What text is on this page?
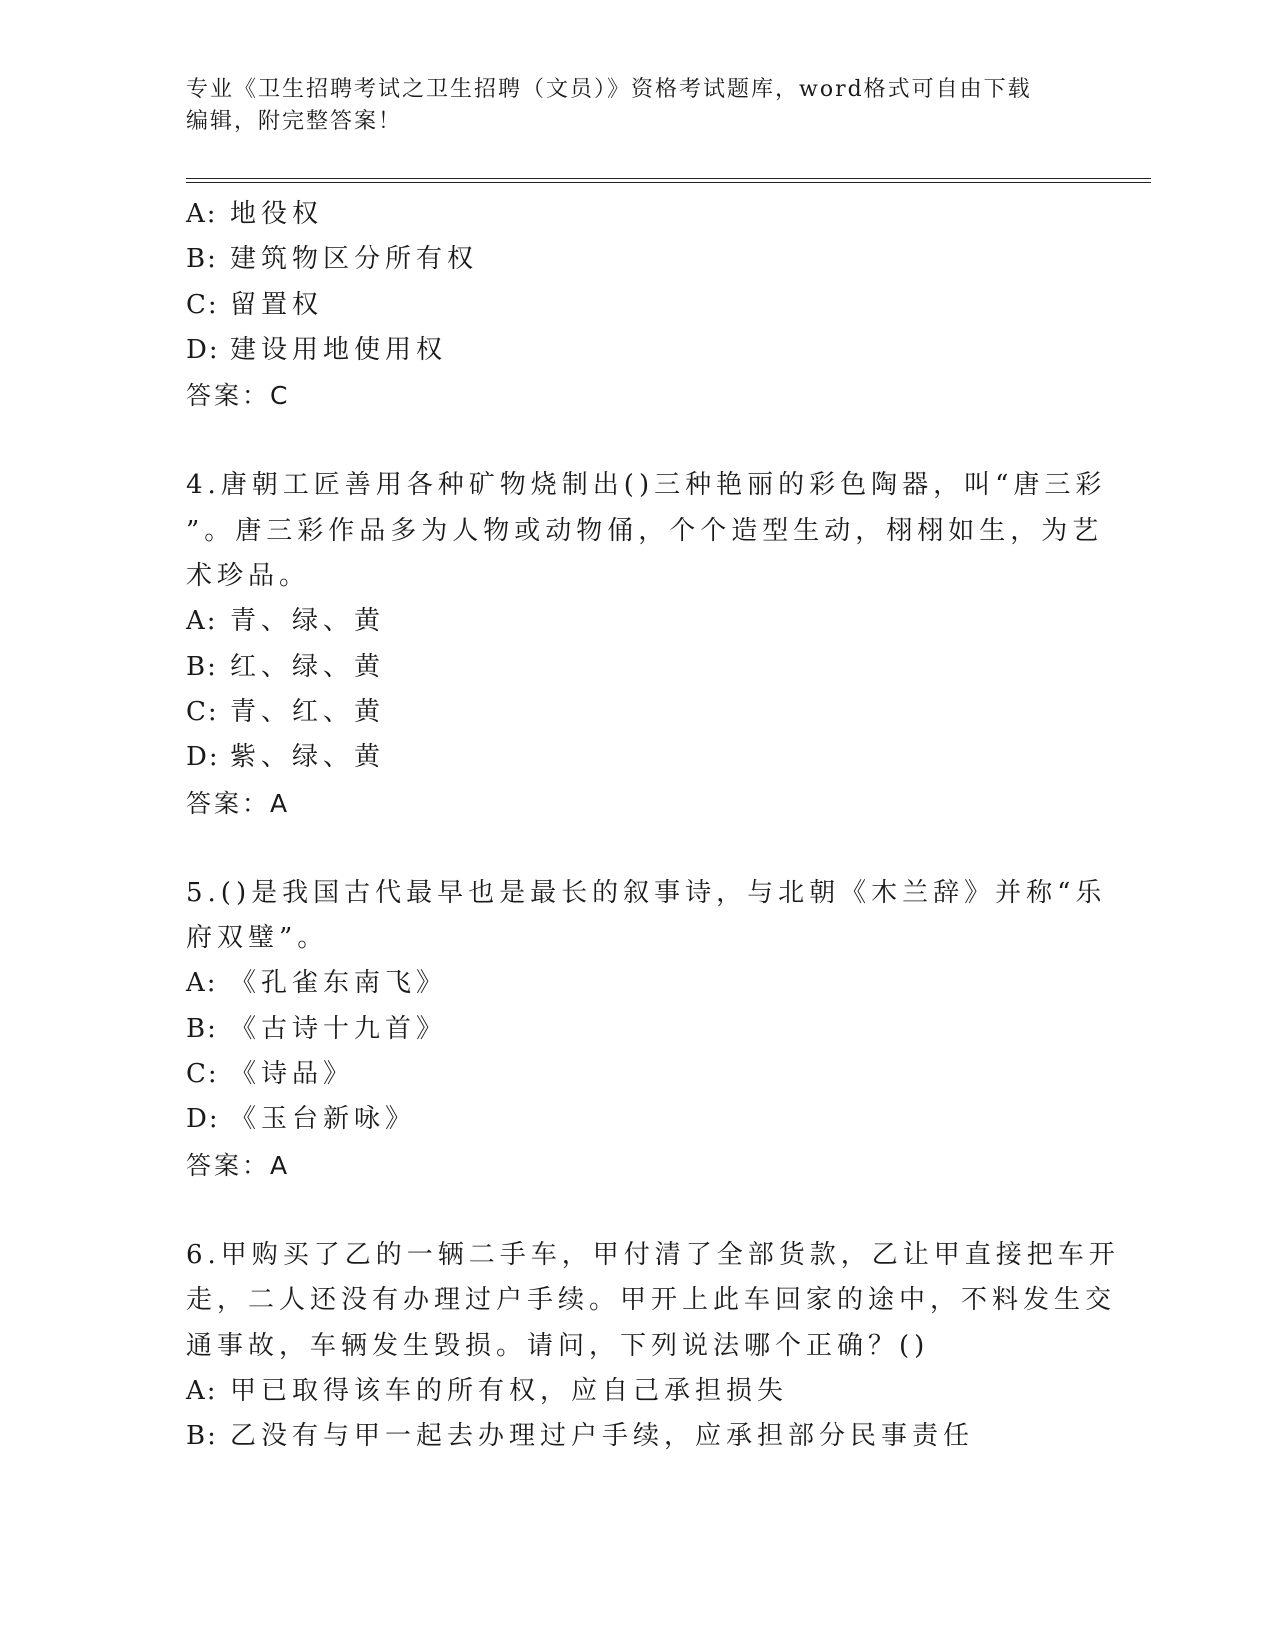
专业《卫生招聘考试之卫生招聘（文员）》资格考试题库，word格式可自由下载
编辑，附完整答案！
A: 地役权
B: 建筑物区分所有权
C: 留置权
D: 建设用地使用权
答案：C
4.唐朝工匠善用各种矿物烧制出()三种艳丽的彩色陶器，叫“唐三彩
”。唐三彩作品多为人物或动物俑，个个造型生动，栩栩如生，为艺
术珍品。
A: 青、绿、黄
B: 红、绿、黄
C: 青、红、黄
D: 紫、绿、黄
答案：A
5.()是我国古代最早也是最长的叙事诗，与北朝《木兰辞》并称“乐
府双璧”。
A: 《孔雀东南飞》
B: 《古诗十九首》
C: 《诗品》
D: 《玉台新咏》
答案：A
6.甲购买了乙的一辆二手车，甲付清了全部货款，乙让甲直接把车开
走，二人还没有办理过户手续。甲开上此车回家的途中，不料发生交
通事故，车辆发生毁损。请问，下列说法哪个正确？()
A: 甲已取得该车的所有权，应自己承担损失
B: 乙没有与甲一起去办理过户手续，应承担部分民事责任
